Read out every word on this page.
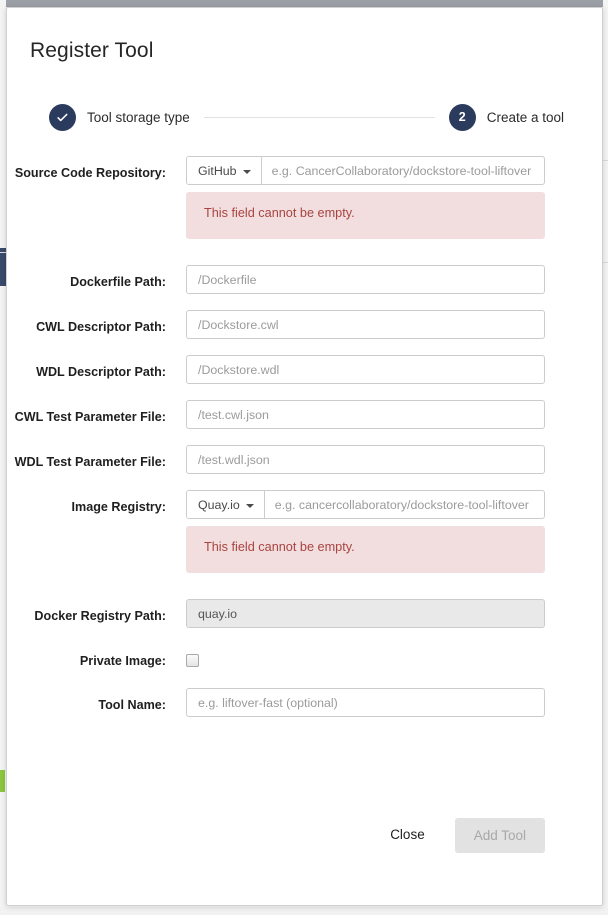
Register Tool
Tool storage type	2	Create a tool
Source Code Repository:	GitHub
e.g. CancerCollaboratory/dockstore-tool-liftover
This field cannot be empty.
Dockerfile Path:
/Dockerfile
CWL Descriptor Path:
/Dockstore.cwl
WDL Descriptor Path:
/Dockstore.wdl
CWL Test Parameter File:
/test.cwl.json
WDL Test Parameter File:
/test.wdl.json
Image Registry:	Quay.io
e.g. cancercollaboratory/dockstore-tool-liftover
This field cannot be empty.
Docker Registry Path:
quay.io
Private Image:
Tool Name:
e.g. liftover-fast (optional)
Close	Add Tool
